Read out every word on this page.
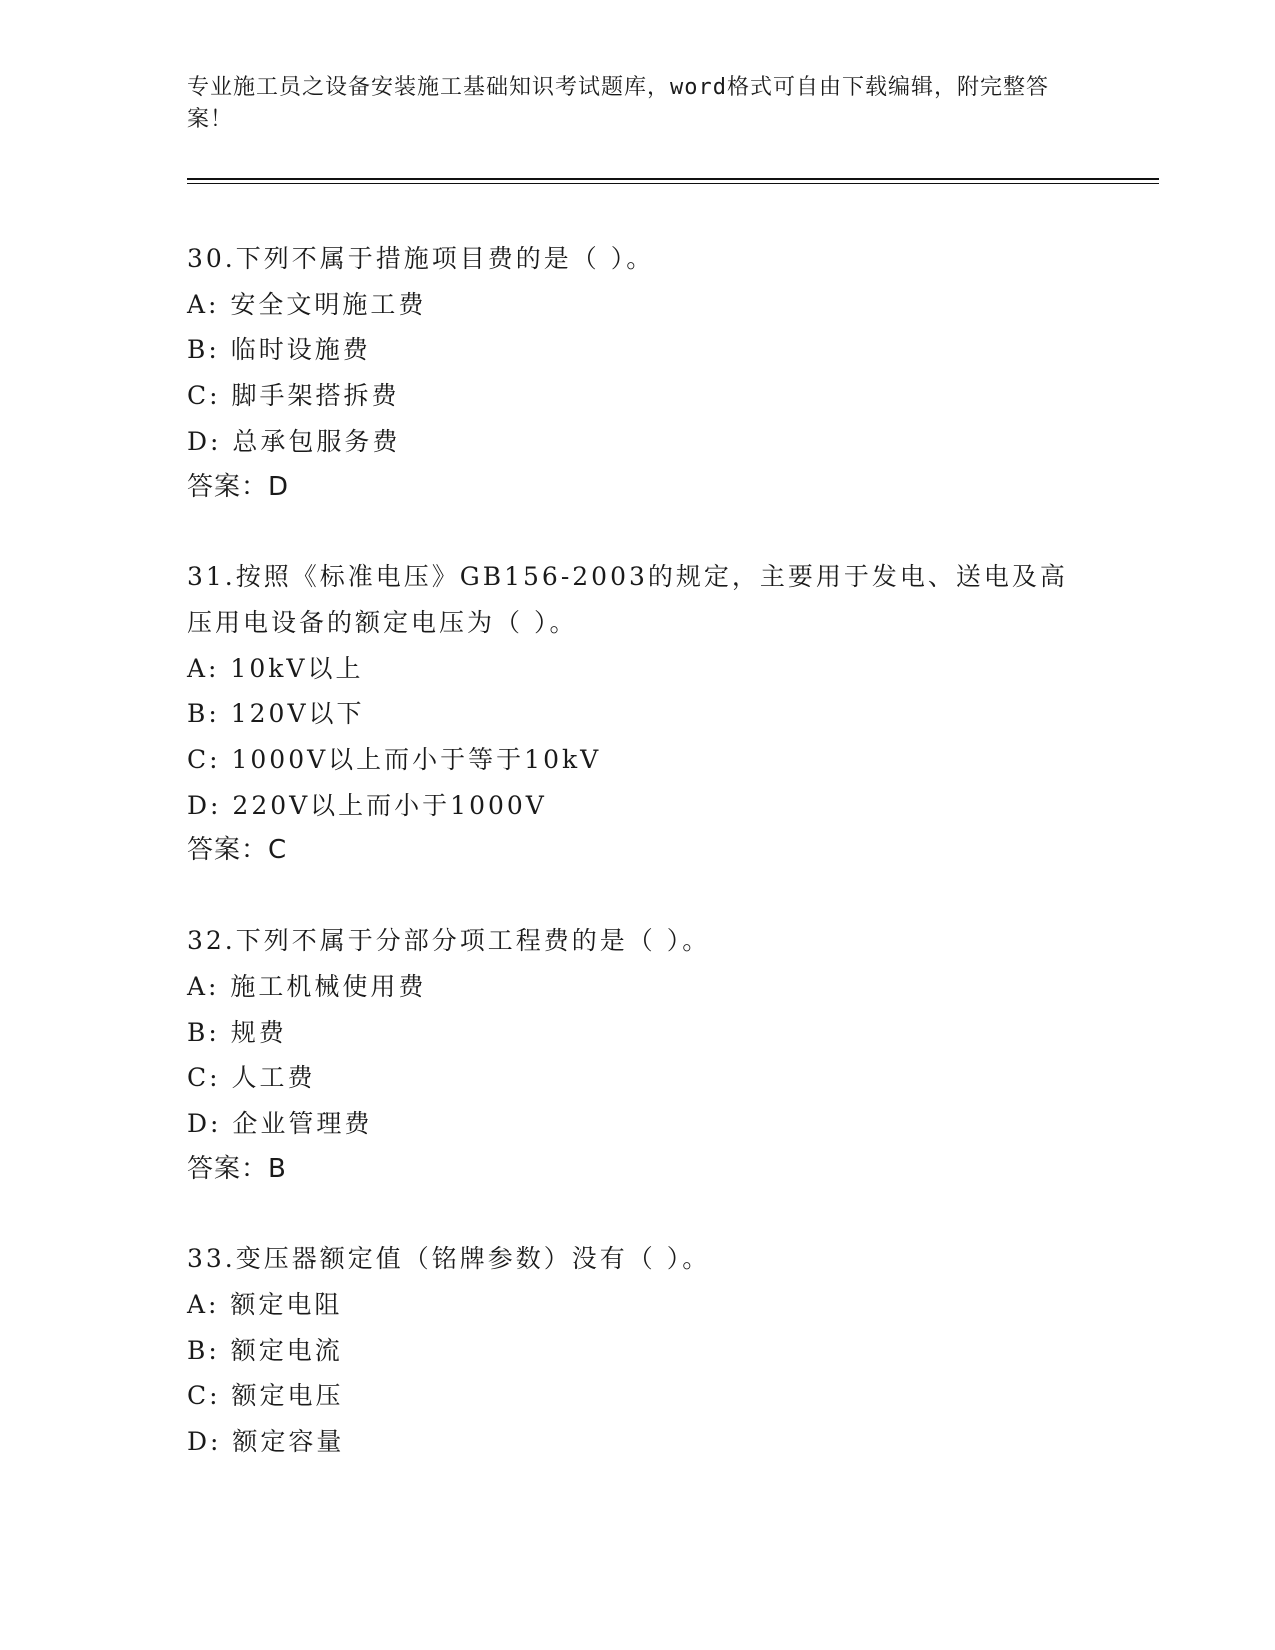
专业施工员之设备安装施工基础知识考试题库，word格式可自由下载编辑，附完整答案！
30.下列不属于措施项目费的是（ ）。
A: 安全文明施工费
B: 临时设施费
C: 脚手架搭拆费
D: 总承包服务费
答案：D
31.按照《标准电压》GB156-2003的规定，主要用于发电、送电及高压用电设备的额定电压为（ ）。
A: 10kV以上
B: 120V以下
C: 1000V以上而小于等于10kV
D: 220V以上而小于1000V
答案：C
32.下列不属于分部分项工程费的是（ ）。
A: 施工机械使用费
B: 规费
C: 人工费
D: 企业管理费
答案：B
33.变压器额定值（铭牌参数）没有（ ）。
A: 额定电阻
B: 额定电流
C: 额定电压
D: 额定容量
